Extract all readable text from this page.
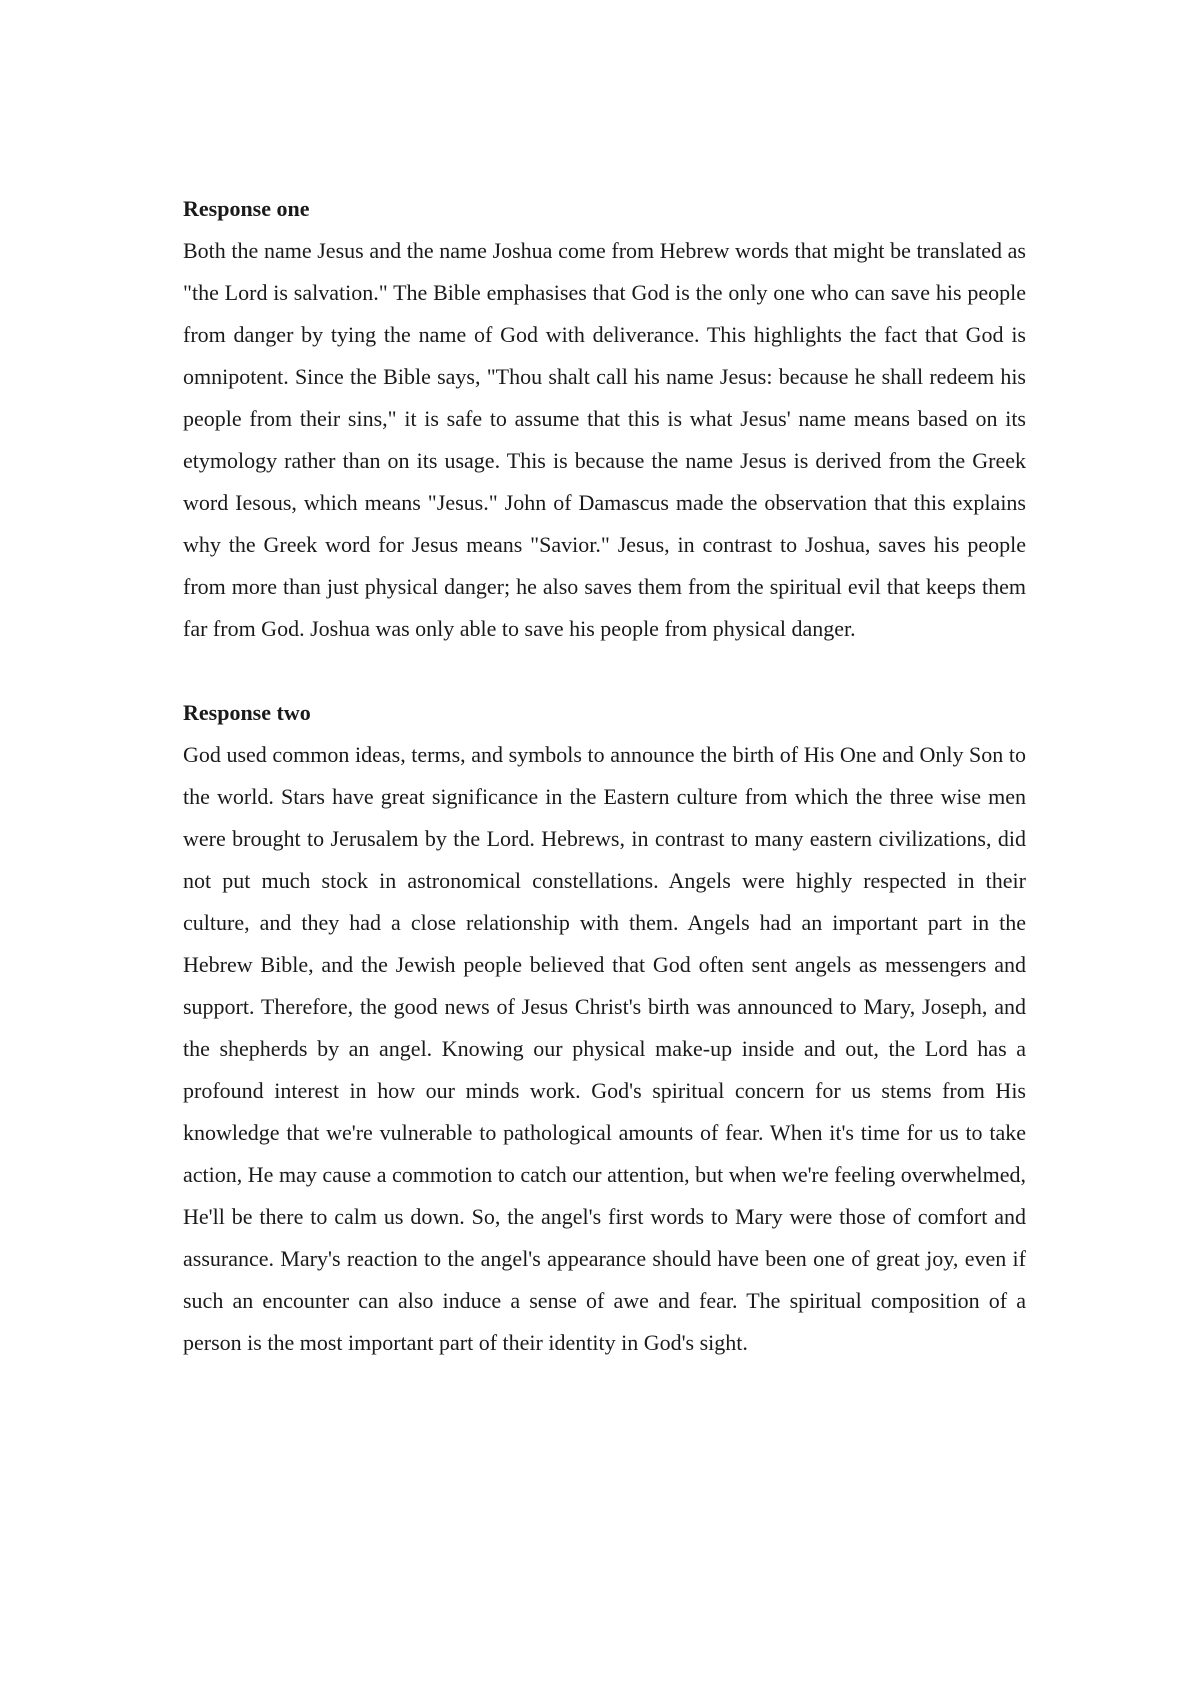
Response one

Both the name Jesus and the name Joshua come from Hebrew words that might be translated as "the Lord is salvation." The Bible emphasises that God is the only one who can save his people from danger by tying the name of God with deliverance. This highlights the fact that God is omnipotent. Since the Bible says, "Thou shalt call his name Jesus: because he shall redeem his people from their sins," it is safe to assume that this is what Jesus' name means based on its etymology rather than on its usage. This is because the name Jesus is derived from the Greek word Iesous, which means "Jesus." John of Damascus made the observation that this explains why the Greek word for Jesus means "Savior." Jesus, in contrast to Joshua, saves his people from more than just physical danger; he also saves them from the spiritual evil that keeps them far from God. Joshua was only able to save his people from physical danger.

Response two

God used common ideas, terms, and symbols to announce the birth of His One and Only Son to the world. Stars have great significance in the Eastern culture from which the three wise men were brought to Jerusalem by the Lord. Hebrews, in contrast to many eastern civilizations, did not put much stock in astronomical constellations. Angels were highly respected in their culture, and they had a close relationship with them. Angels had an important part in the Hebrew Bible, and the Jewish people believed that God often sent angels as messengers and support. Therefore, the good news of Jesus Christ's birth was announced to Mary, Joseph, and the shepherds by an angel. Knowing our physical make-up inside and out, the Lord has a profound interest in how our minds work. God's spiritual concern for us stems from His knowledge that we're vulnerable to pathological amounts of fear. When it's time for us to take action, He may cause a commotion to catch our attention, but when we're feeling overwhelmed, He'll be there to calm us down. So, the angel's first words to Mary were those of comfort and assurance. Mary's reaction to the angel's appearance should have been one of great joy, even if such an encounter can also induce a sense of awe and fear. The spiritual composition of a person is the most important part of their identity in God's sight.
